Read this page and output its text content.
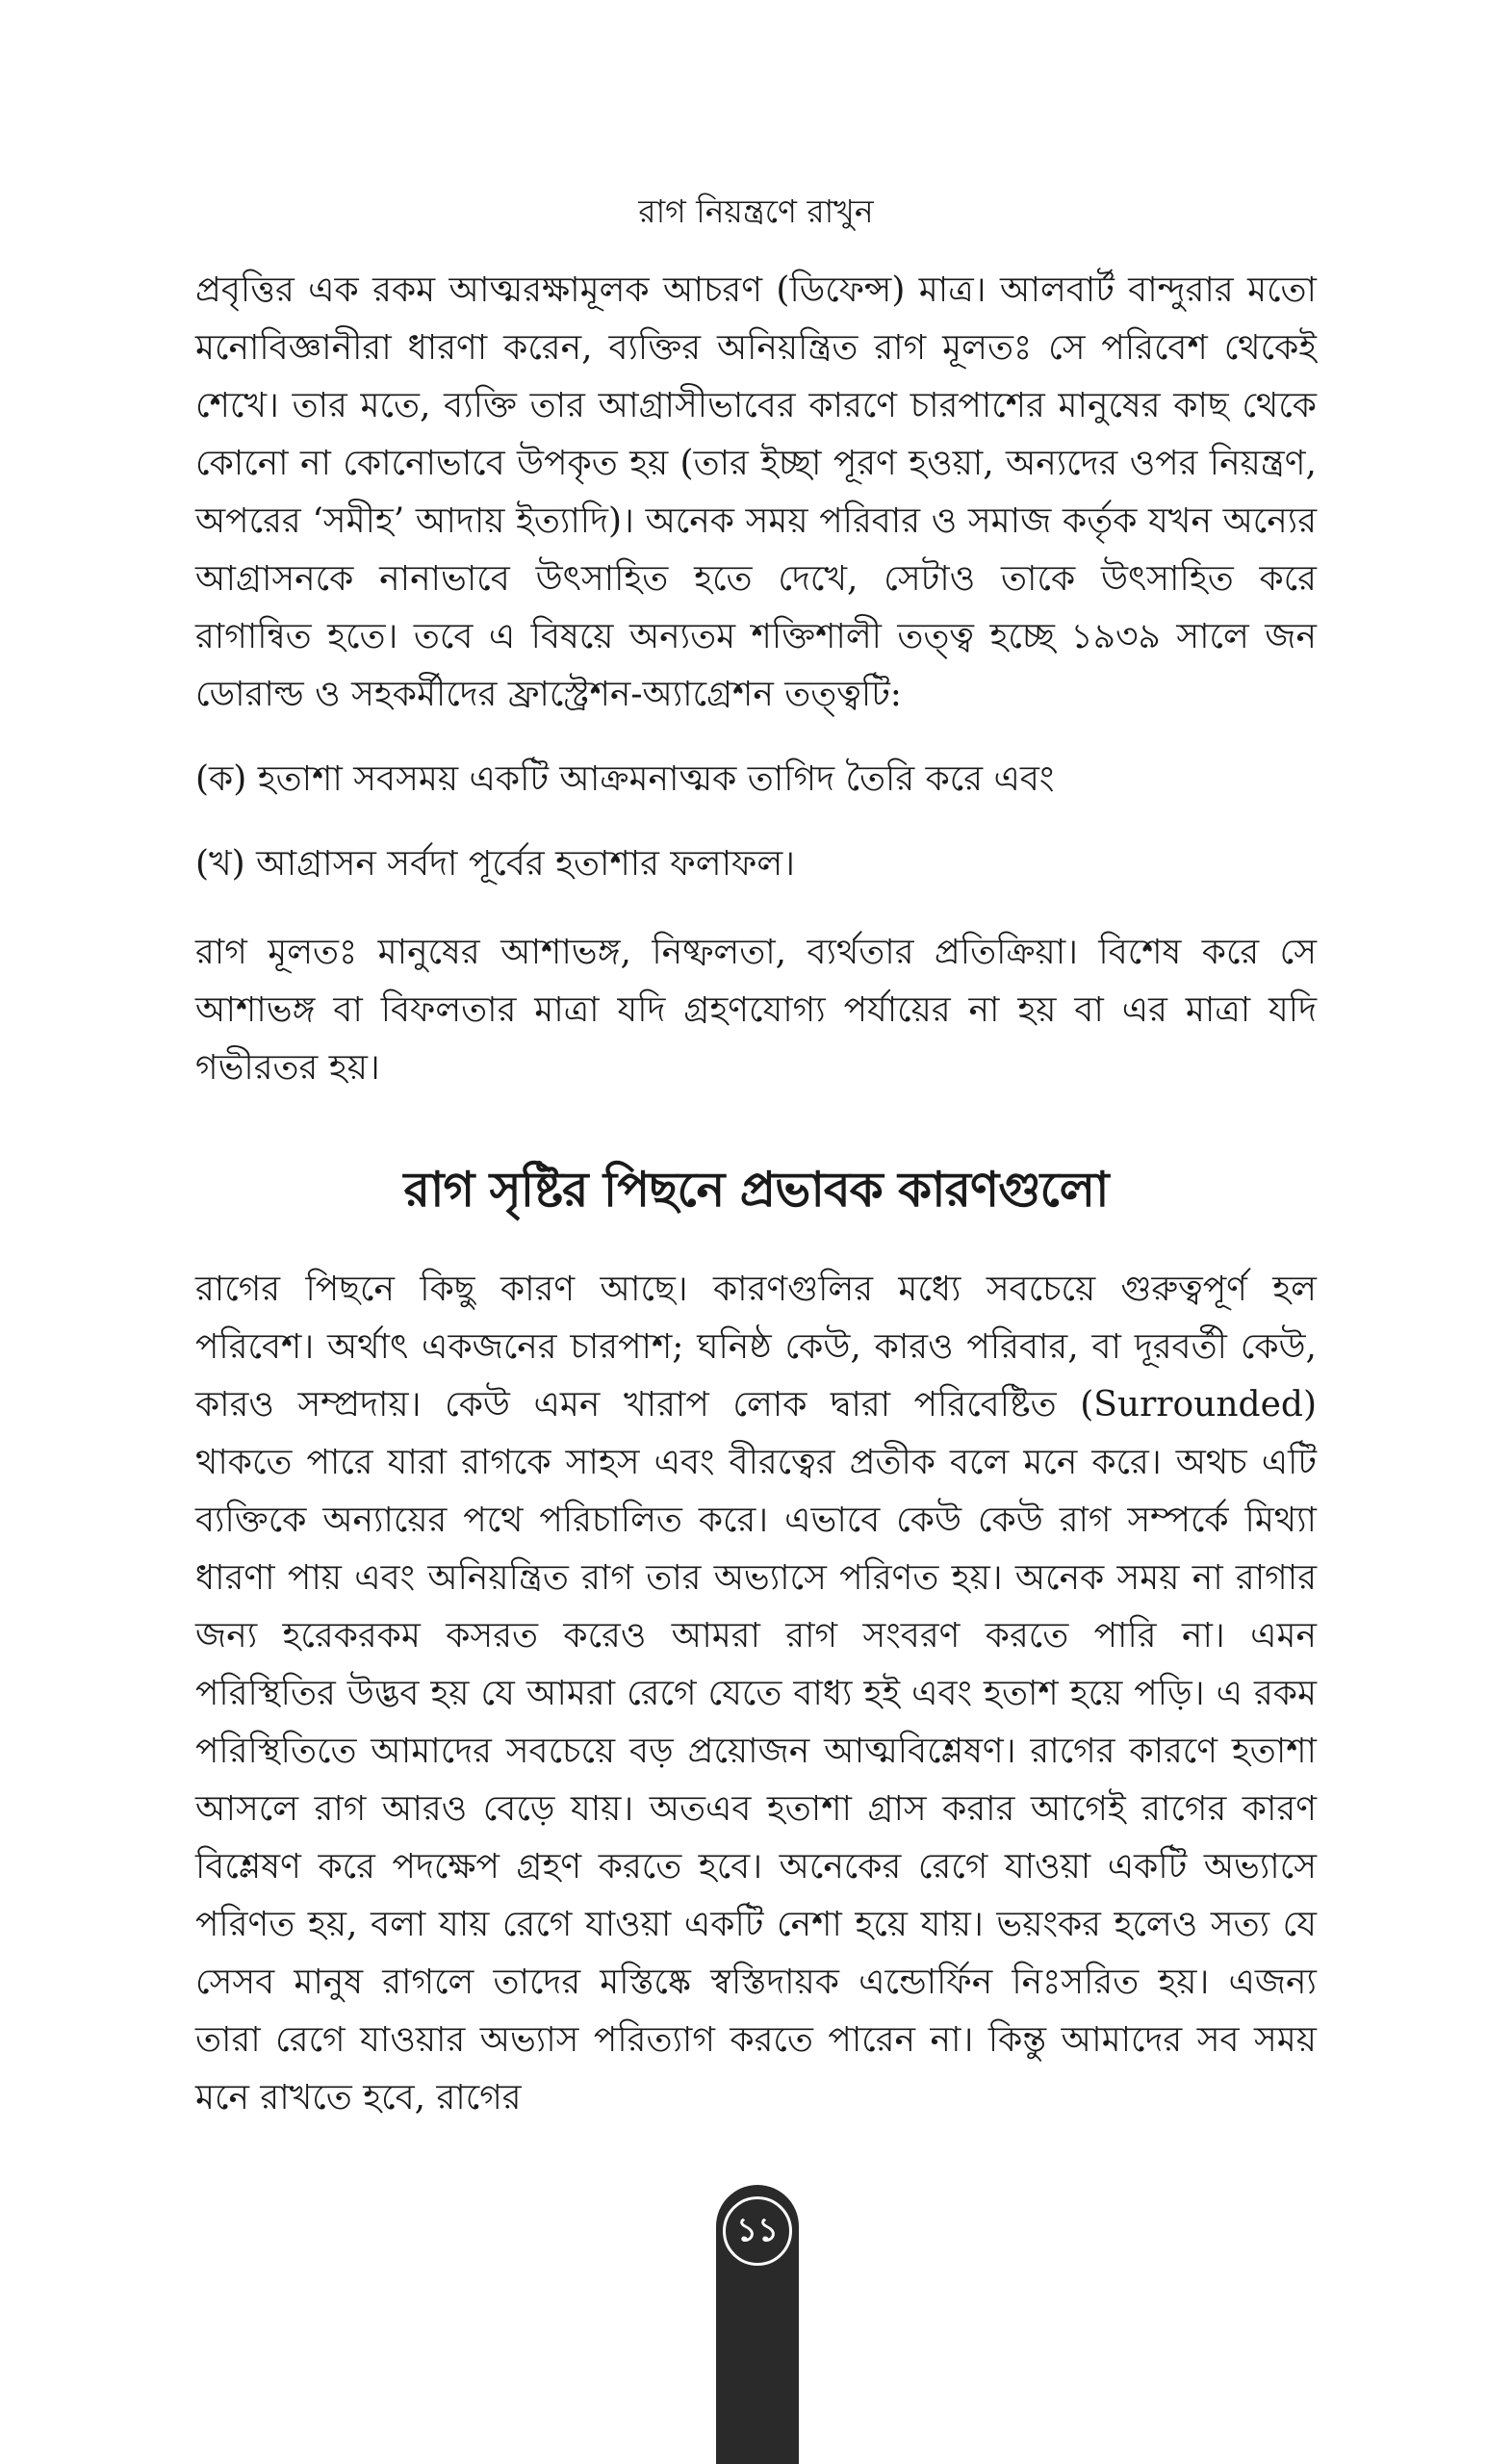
রাগ নিয়ন্ত্রণে রাখুন

প্রবৃত্তির এক রকম আত্মরক্ষামূলক আচরণ (ডিফেন্স) মাত্র। আলবার্ট বান্দুরার মতো মনোবিজ্ঞানীরা ধারণা করেন, ব্যক্তির অনিয়ন্ত্রিত রাগ মূলতঃ সে পরিবেশ থেকেই শেখে। তার মতে, ব্যক্তি তার আগ্রাসীভাবের কারণে চারপাশের মানুষের কাছ থেকে কোনো না কোনোভাবে উপকৃত হয় (তার ইচ্ছা পূরণ হওয়া, অন্যদের ওপর নিয়ন্ত্রণ, অপরের ‘সমীহ’ আদায় ইত্যাদি)। অনেক সময় পরিবার ও সমাজ কর্তৃক যখন অন্যের আগ্রাসনকে নানাভাবে উৎসাহিত হতে দেখে, সেটাও তাকে উৎসাহিত করে রাগান্বিত হতে। তবে এ বিষয়ে অন্যতম শক্তিশালী তত্ত্ব হচ্ছে ১৯৩৯ সালে জন ডোরাল্ড ও সহকর্মীদের ফ্রাস্ট্রেশন-অ্যাগ্রেশন তত্ত্বটি:

(ক) হতাশা সবসময় একটি আক্রমনাত্মক তাগিদ তৈরি করে এবং

(খ) আগ্রাসন সর্বদা পূর্বের হতাশার ফলাফল।

রাগ মূলতঃ মানুষের আশাভঙ্গ, নিষ্ফলতা, ব্যর্থতার প্রতিক্রিয়া। বিশেষ করে সে আশাভঙ্গ বা বিফলতার মাত্রা যদি গ্রহণযোগ্য পর্যায়ের না হয় বা এর মাত্রা যদি গভীরতর হয়।

রাগ সৃষ্টির পিছনে প্রভাবক কারণগুলো

রাগের পিছনে কিছু কারণ আছে। কারণগুলির মধ্যে সবচেয়ে গুরুত্বপূর্ণ হল পরিবেশ। অর্থাৎ একজনের চারপাশ; ঘনিষ্ঠ কেউ, কারও পরিবার, বা দূরবর্তী কেউ, কারও সম্প্রদায়। কেউ এমন খারাপ লোক দ্বারা পরিবেষ্টিত (Surrounded) থাকতে পারে যারা রাগকে সাহস এবং বীরত্বের প্রতীক বলে মনে করে। অথচ এটি ব্যক্তিকে অন্যায়ের পথে পরিচালিত করে। এভাবে কেউ কেউ রাগ সম্পর্কে মিথ্যা ধারণা পায় এবং অনিয়ন্ত্রিত রাগ তার অভ্যাসে পরিণত হয়। অনেক সময় না রাগার জন্য হরেকরকম কসরত করেও আমরা রাগ সংবরণ করতে পারি না। এমন পরিস্থিতির উদ্ভব হয় যে আমরা রেগে যেতে বাধ্য হই এবং হতাশ হয়ে পড়ি। এ রকম পরিস্থিতিতে আমাদের সবচেয়ে বড় প্রয়োজন আত্মবিশ্লেষণ। রাগের কারণে হতাশা আসলে রাগ আরও বেড়ে যায়। অতএব হতাশা গ্রাস করার আগেই রাগের কারণ বিশ্লেষণ করে পদক্ষেপ গ্রহণ করতে হবে। অনেকের রেগে যাওয়া একটি অভ্যাসে পরিণত হয়, বলা যায় রেগে যাওয়া একটি নেশা হয়ে যায়। ভয়ংকর হলেও সত্য যে সেসব মানুষ রাগলে তাদের মস্তিষ্কে স্বস্তিদায়ক এন্ডোর্ফিন নিঃসরিত হয়। এজন্য তারা রেগে যাওয়ার অভ্যাস পরিত্যাগ করতে পারেন না। কিন্তু আমাদের সব সময় মনে রাখতে হবে, রাগের

১১
